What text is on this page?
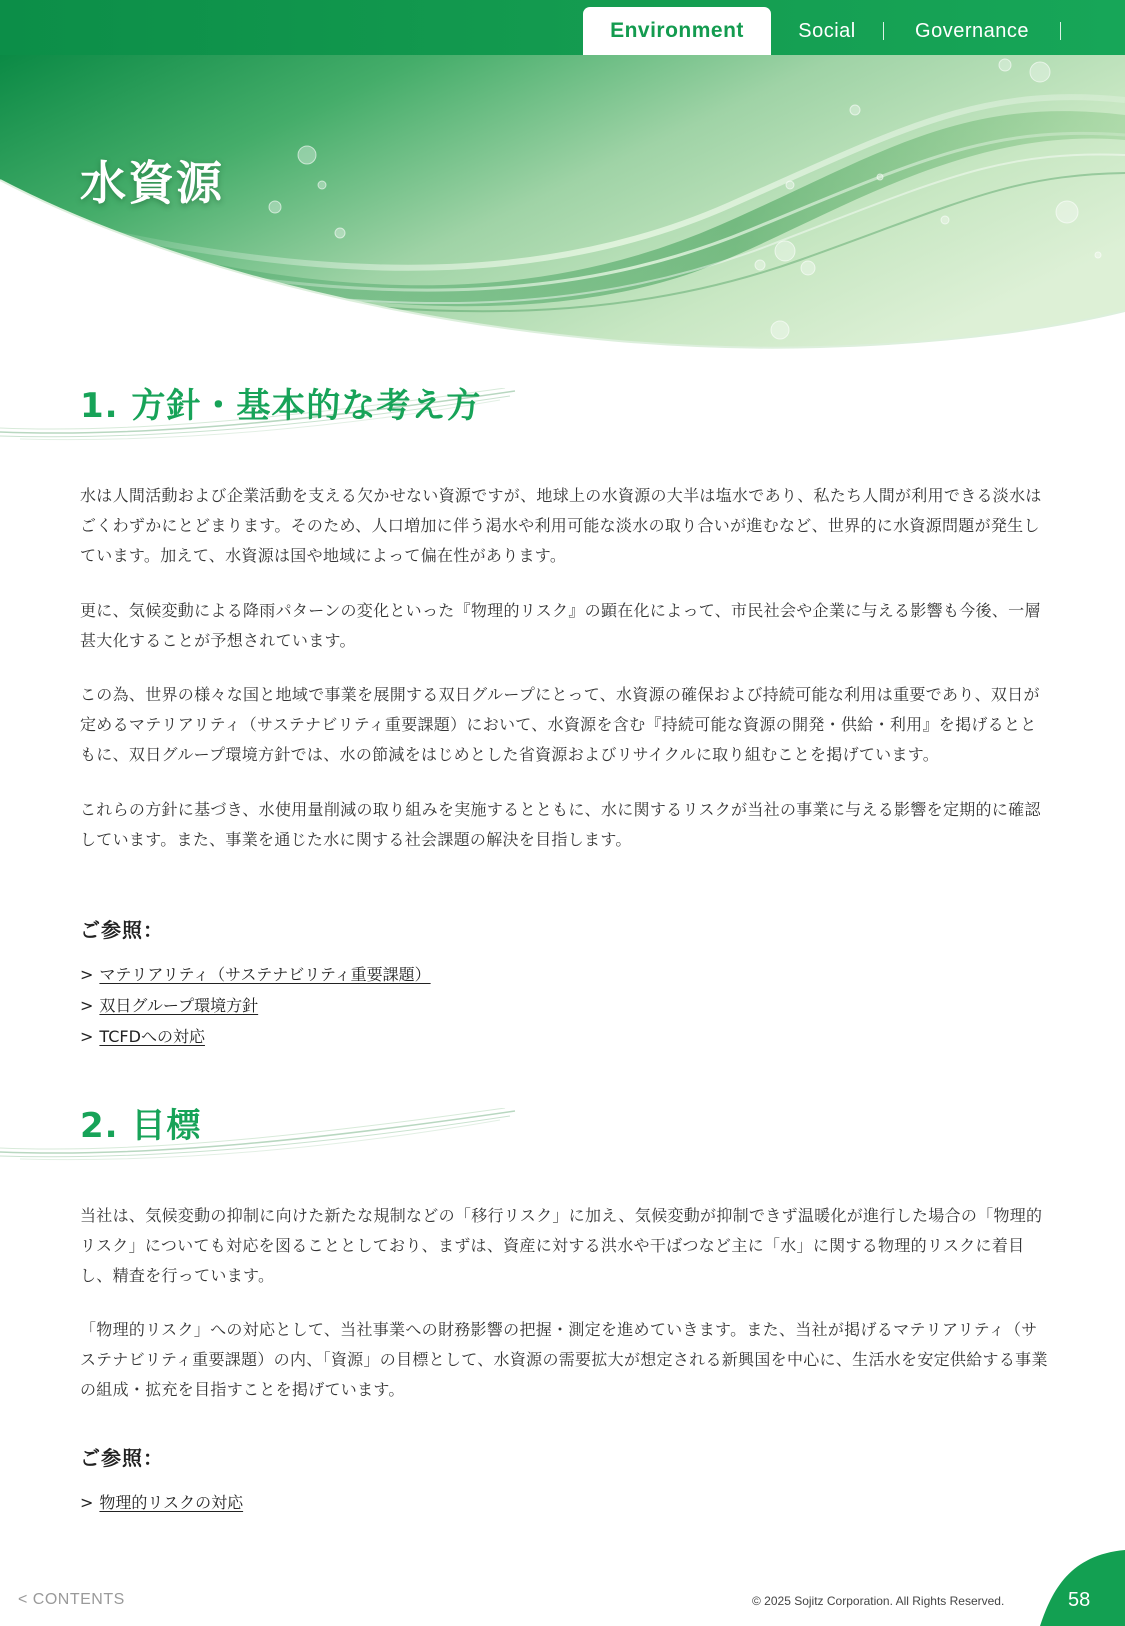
Environment	Social	Governance
水資源
1. 方針・基本的な考え方

水は人間活動および企業活動を支える欠かせない資源ですが、地球上の水資源の大半は塩水であり、私たち人間が利用できる淡水はごくわずかにとどまります。そのため、人口増加に伴う渇水や利用可能な淡水の取り合いが進むなど、世界的に水資源問題が発生しています。加えて、水資源は国や地域によって偏在性があります。

更に、気候変動による降雨パターンの変化といった『物理的リスク』の顕在化によって、市民社会や企業に与える影響も今後、一層甚大化することが予想されています。

この為、世界の様々な国と地域で事業を展開する双日グループにとって、水資源の確保および持続可能な利用は重要であり、双日が定めるマテリアリティ（サステナビリティ重要課題）において、水資源を含む『持続可能な資源の開発・供給・利用』を掲げるとともに、双日グループ環境方針では、水の節減をはじめとした省資源およびリサイクルに取り組むことを掲げています。

これらの方針に基づき、水使用量削減の取り組みを実施するとともに、水に関するリスクが当社の事業に与える影響を定期的に確認しています。また、事業を通じた水に関する社会課題の解決を目指します。

ご参照：
> マテリアリティ（サステナビリティ重要課題）
> 双日グループ環境方針
> TCFDへの対応
2. 目標

当社は、気候変動の抑制に向けた新たな規制などの「移行リスク」に加え、気候変動が抑制できず温暖化が進行した場合の「物理的リスク」についても対応を図ることとしており、まずは、資産に対する洪水や干ばつなど主に「水」に関する物理的リスクに着目し、精査を行っています。

「物理的リスク」への対応として、当社事業への財務影響の把握・測定を進めていきます。また、当社が掲げるマテリアリティ（サステナビリティ重要課題）の内、「資源」の目標として、水資源の需要拡大が想定される新興国を中心に、生活水を安定供給する事業の組成・拡充を目指すことを掲げています。

ご参照：
> 物理的リスクの対応
< CONTENTS	© 2025 Sojitz Corporation. All Rights Reserved.	58
